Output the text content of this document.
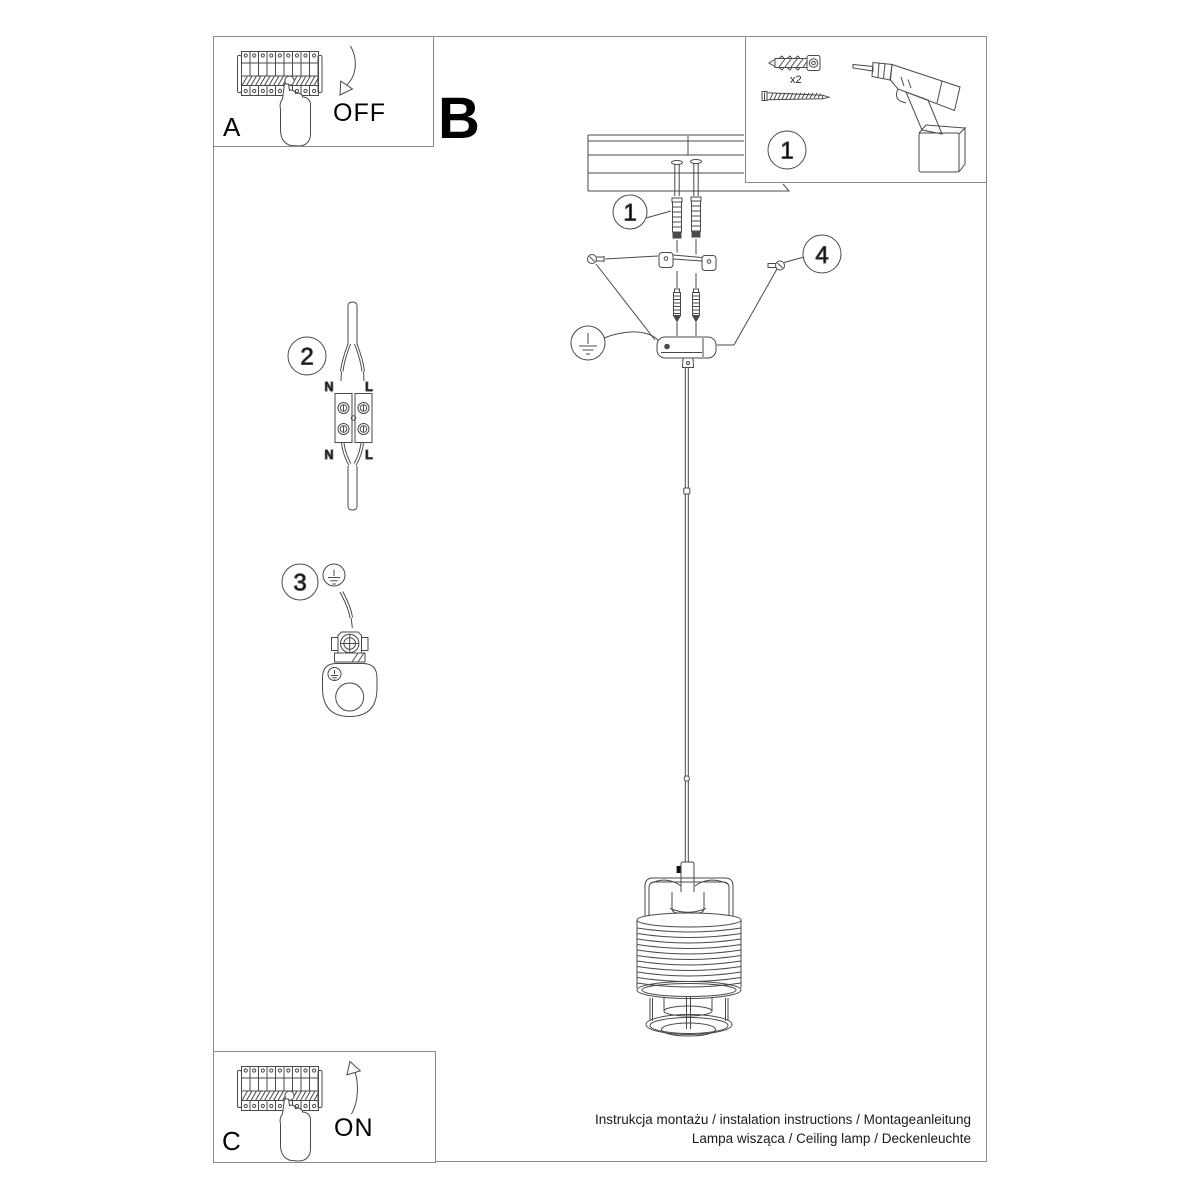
1
4
2
N	L
N	L
3
B
A	OFF
1
x2
C	ON	Instrukcja montażu / instalation instructions / Montageanleitung
Lampa wisząca / Ceiling lamp / Deckenleuchte
